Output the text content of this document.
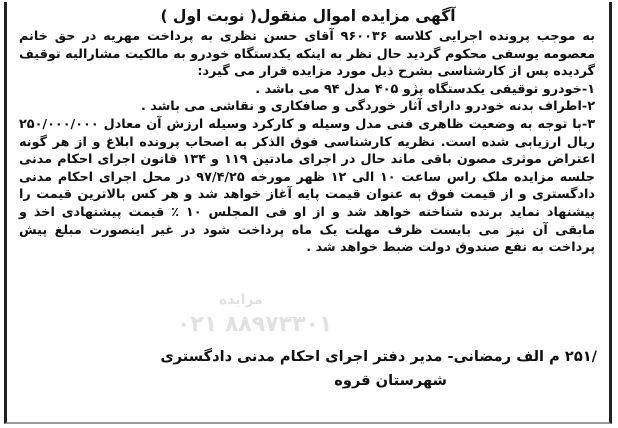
مزایده
۰۲۱ ۸۸۹۷۳۳۰۱
آگهی مزایده اموال منقول( نوبت اول )

به موجب پرونده اجرایی کلاسه ۹۶۰۰۳۶ آقای حسن نظری به پرداخت مهریه در حق خانم معصومه یوسفی محکوم گردید حال نظر به اینکه یکدستگاه خودرو به مالکیت مشارالیه توقیف گردیده پس از کارشناسی بشرح ذیل مورد مزایده قرار می گیرد:

۱-خودرو توقیفی یکدستگاه پژو ۴۰۵ مدل ۹۴ می باشد .

۲-اطراف بدنه خودرو دارای آثار خوردگی و صافکاری و نقاشی می باشد .

۳-با توجه به وضعیت ظاهری فنی مدل وسیله و کارکرد وسیله ارزش آن معادل ۲۵۰/۰۰۰/۰۰۰ ریال ارزیابی شده است. نظریه کارشناسی فوق الذکر به اصحاب پرونده ابلاغ و از هر گونه اعتراض موثری مصون باقی ماند حال در اجرای مادتین ۱۱۹ و ۱۳۴ قانون اجرای احکام مدنی جلسه مزایده ملک راس ساعت ۱۰ الی ۱۲ ظهر مورخه ۹۷/۴/۲۵ در محل اجرای احکام مدنی دادگستری و از قیمت فوق به عنوان قیمت پایه آغاز خواهد شد و هر کس بالاترین قیمت را پیشنهاد نماید برنده شناخته خواهد شد و از او فی المجلس ۱۰ ٪ قیمت پیشنهادی اخذ و مابقی آن نیز می بایست ظرف مهلت یک ماه پرداخت شود در غیر اینصورت مبلغ پیش پرداخت به نفع صندوق دولت ضبط خواهد شد .

/۲۵۱ م الف رمضانی- مدیر دفتر اجرای احکام مدنی دادگستری
شهرستان قروه
